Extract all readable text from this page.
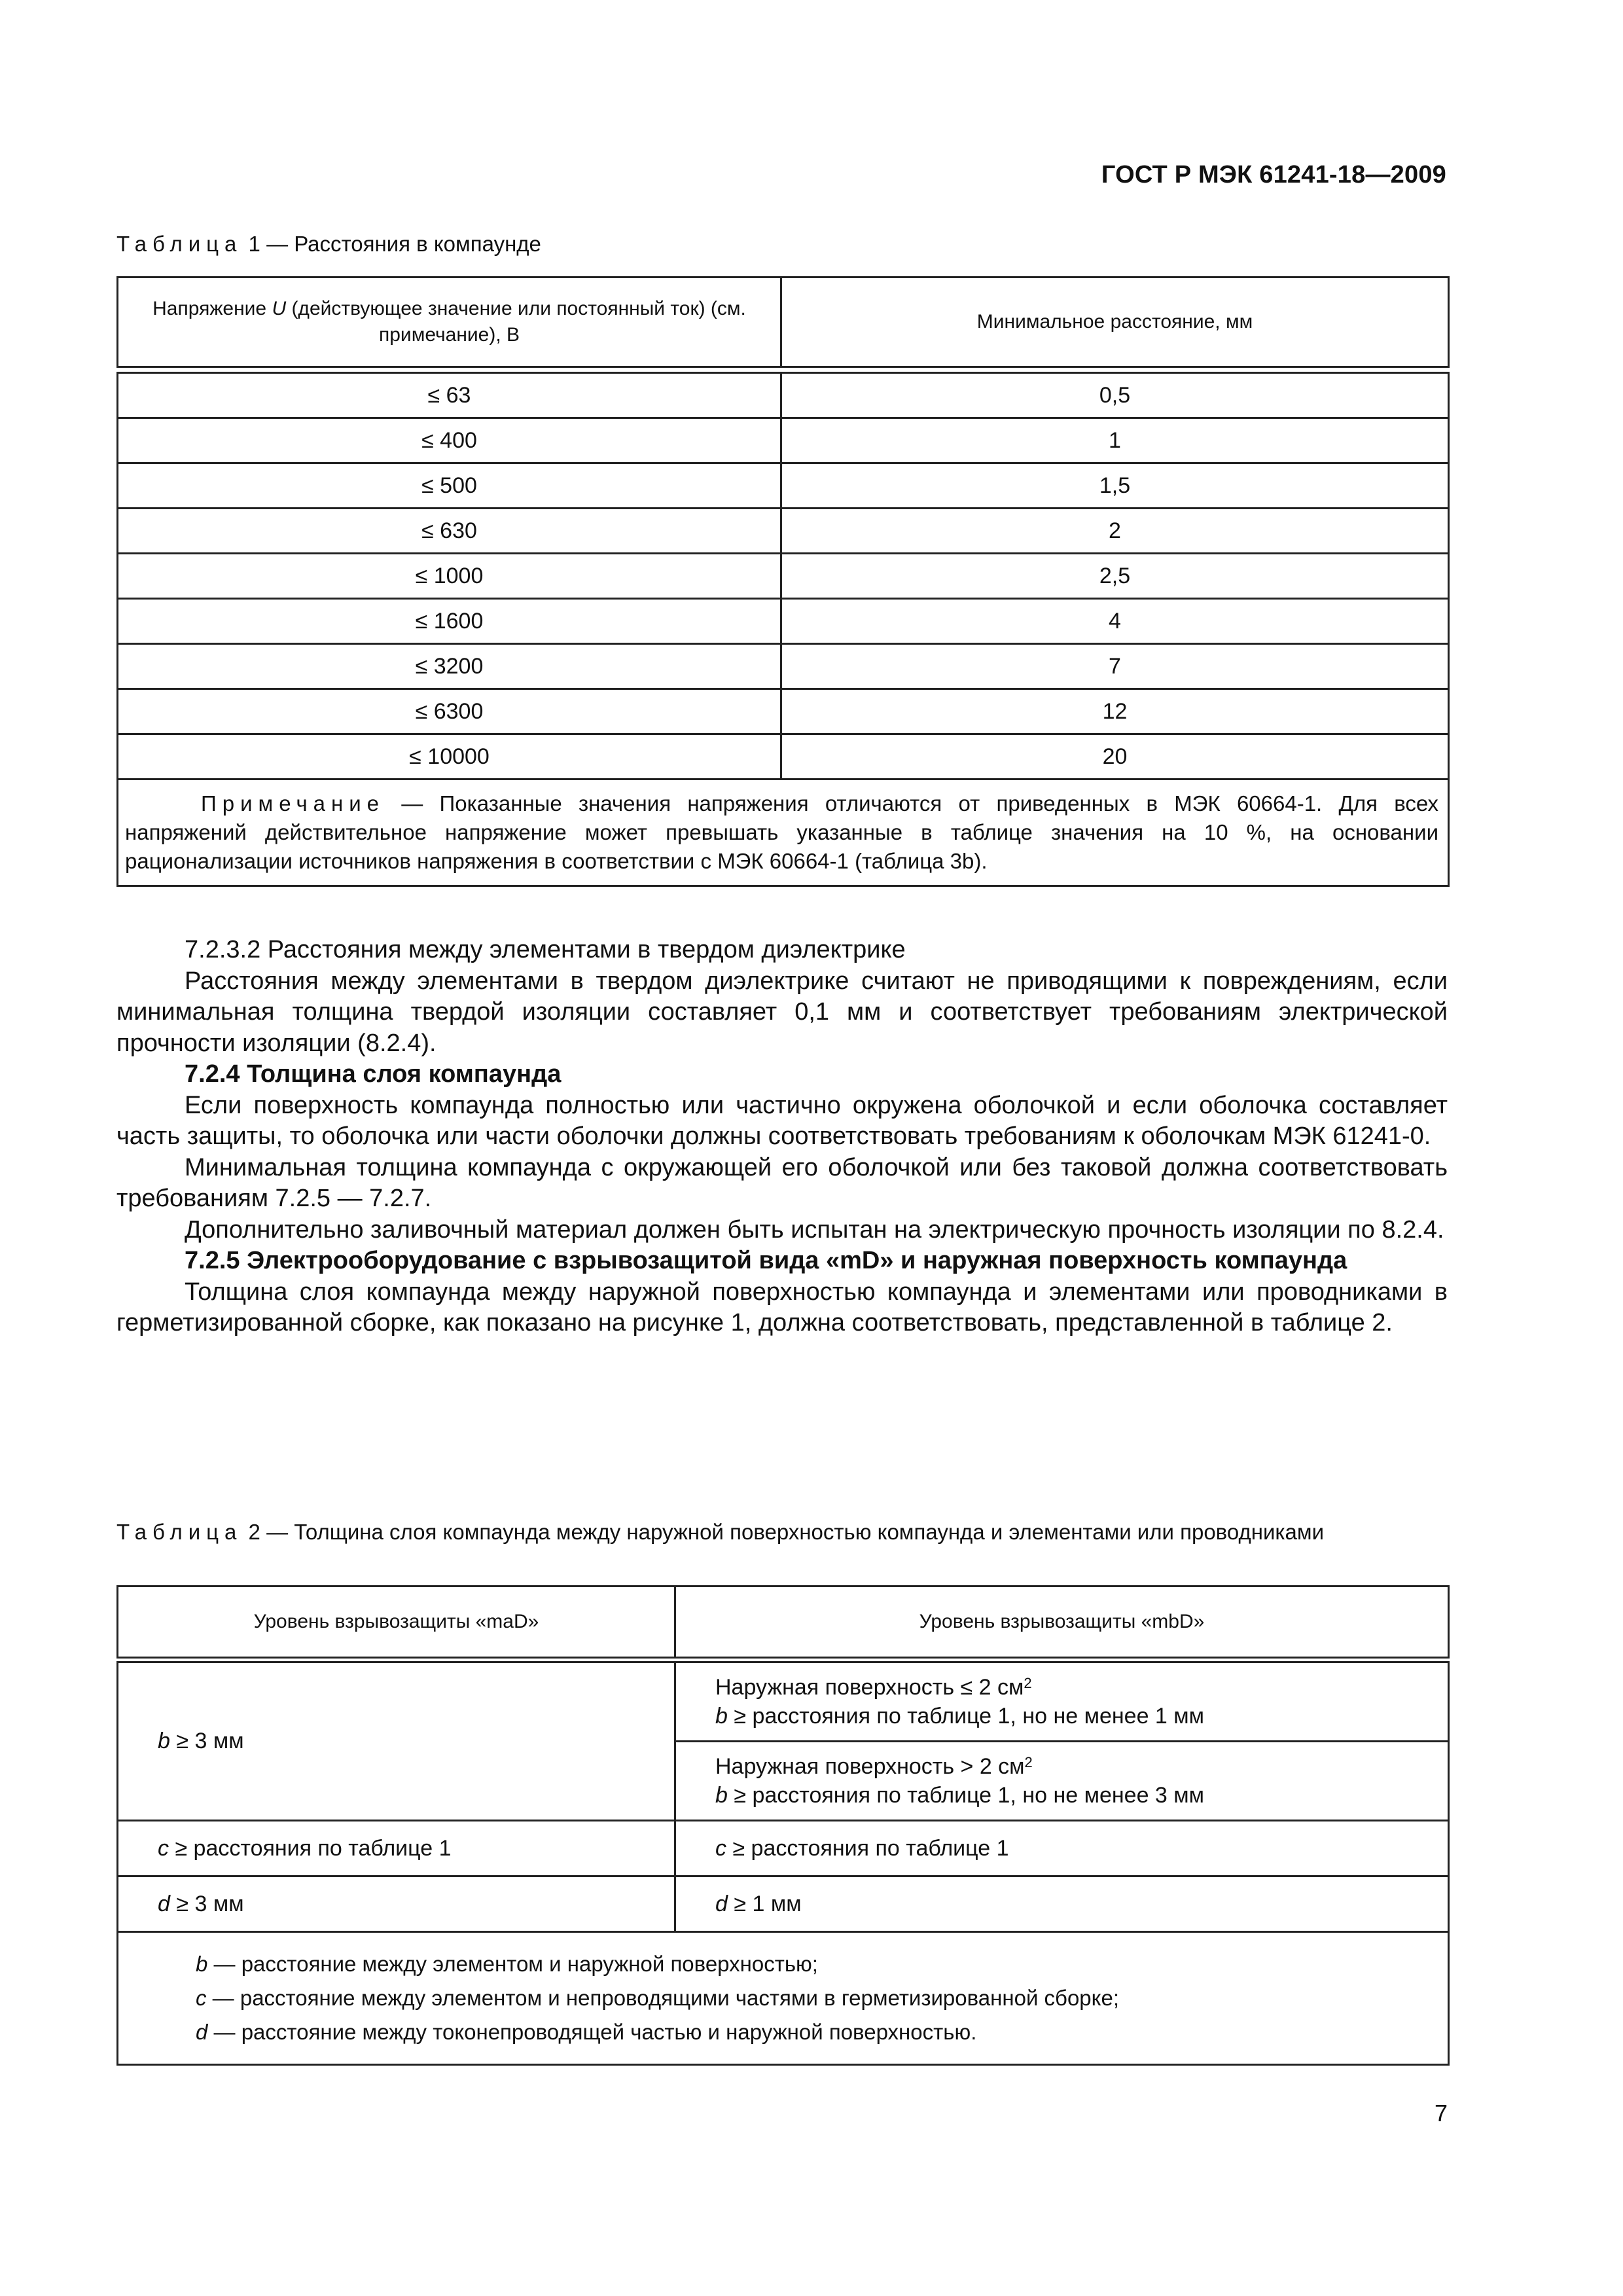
ГОСТ Р МЭК 61241-18—2009
Таблица 1 — Расстояния в компаунде
Напряжение U (действующее значение или постоянный ток) (см. примечание), В	Минимальное расстояние, мм

≤ 63	0,5
≤ 400	1
≤ 500	1,5
≤ 630	2
≤ 1000	2,5
≤ 1600	4
≤ 3200	7
≤ 6300	12
≤ 10000	20
Примечание — Показанные значения напряжения отличаются от приведенных в МЭК 60664-1. Для всех напряжений действительное напряжение может превышать указанные в таблице значения на 10 %, на основании рационализации источников напряжения в соответствии с МЭК 60664-1 (таблица 3b).	

7.2.3.2 Расстояния между элементами в твердом диэлектрике

Расстояния между элементами в твердом диэлектрике считают не приводящими к повреждениям, если минимальная толщина твердой изоляции составляет 0,1 мм и соответствует требованиям электрической прочности изоляции (8.2.4).

7.2.4 Толщина слоя компаунда

Если поверхность компаунда полностью или частично окружена оболочкой и если оболочка составляет часть защиты, то оболочка или части оболочки должны соответствовать требованиям к оболочкам МЭК 61241-0.

Минимальная толщина компаунда с окружающей его оболочкой или без таковой должна соответствовать требованиям 7.2.5 — 7.2.7.

Дополнительно заливочный материал должен быть испытан на электрическую прочность изоляции по 8.2.4.

7.2.5 Электрооборудование с взрывозащитой вида «mD» и наружная поверхность компаунда

Толщина слоя компаунда между наружной поверхностью компаунда и элементами или проводниками в герметизированной сборке, как показано на рисунке 1, должна соответствовать, представленной в таблице 2.

Таблица 2 — Толщина слоя компаунда между наружной поверхностью компаунда и элементами или проводниками
Уровень взрывозащиты «maD»	Уровень взрывозащиты «mbD»

b ≥ 3 мм	Наружная поверхность ≤ 2 $см^2$
b ≥ расстояния по таблице 1, но не менее 1 мм
	Наружная поверхность > 2 $см^2$
b ≥ расстояния по таблице 1, но не менее 3 мм
c ≥ расстояния по таблице 1	c ≥ расстояния по таблице 1
d ≥ 3 мм	d ≥ 1 мм

b — расстояние между элементом и наружной поверхностью;
c — расстояние между элементом и непроводящими частями в герметизированной сборке;
d — расстояние между токонепроводящей частью и наружной поверхностью.	
7
